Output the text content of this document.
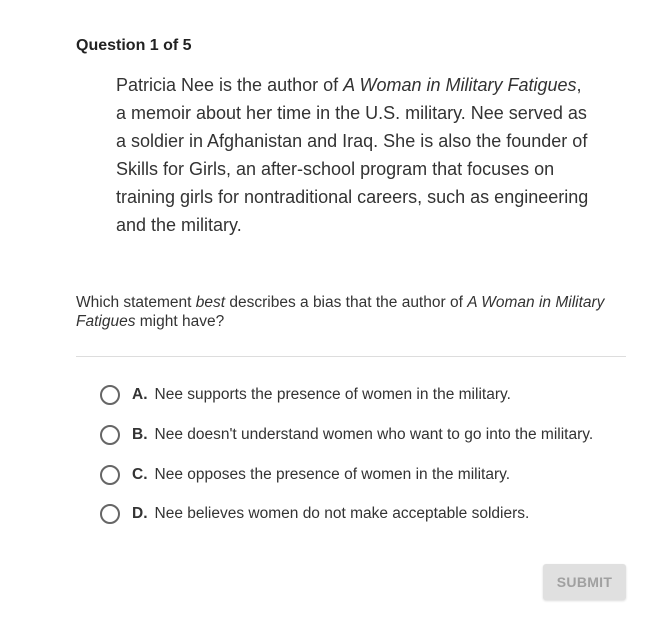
Question 1 of 5
Patricia Nee is the author of A Woman in Military Fatigues, a memoir about her time in the U.S. military. Nee served as a soldier in Afghanistan and Iraq. She is also the founder of Skills for Girls, an after-school program that focuses on training girls for nontraditional careers, such as engineering and the military.
Which statement best describes a bias that the author of A Woman in Military Fatigues might have?
A. Nee supports the presence of women in the military.
B. Nee doesn't understand women who want to go into the military.
C. Nee opposes the presence of women in the military.
D. Nee believes women do not make acceptable soldiers.
SUBMIT
